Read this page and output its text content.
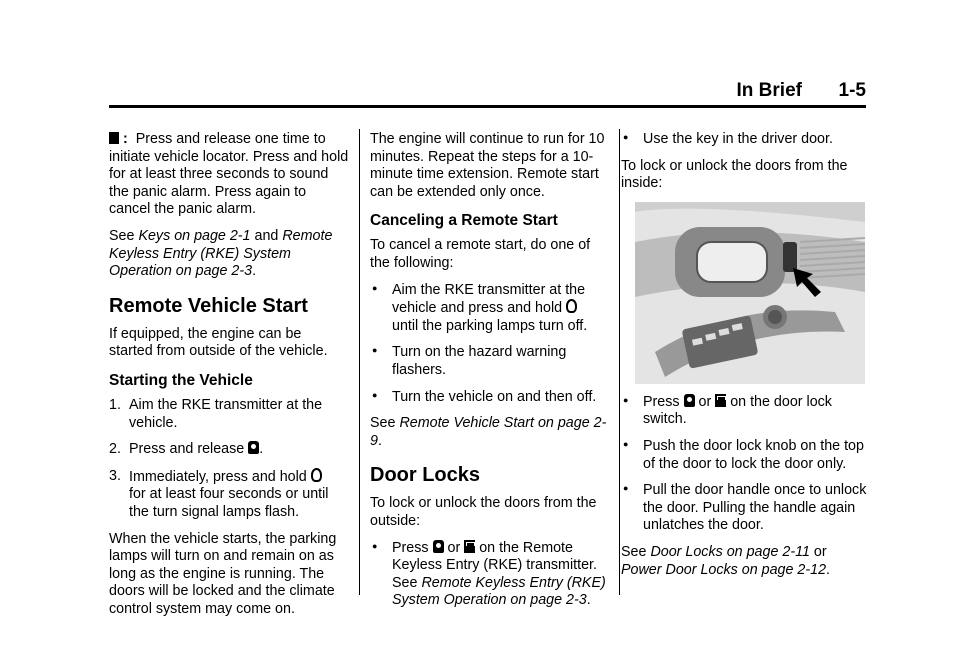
In Brief 1-5

: Press and release one time to initiate vehicle locator. Press and hold for at least three seconds to sound the panic alarm. Press again to cancel the panic alarm.

See Keys on page 2-1 and Remote Keyless Entry (RKE) System Operation on page 2-3.

Remote Vehicle Start

If equipped, the engine can be started from outside of the vehicle.

Starting the Vehicle
1. Aim the RKE transmitter at the vehicle.
2. Press and release .
3. Immediately, press and hold
for at least four seconds or until the turn signal lamps flash.

When the vehicle starts, the parking lamps will turn on and remain on as long as the engine is running. The doors will be locked and the climate control system may come on.

The engine will continue to run for 10 minutes. Repeat the steps for a 10-minute time extension. Remote start can be extended only once.

Canceling a Remote Start

To cancel a remote start, do one of the following:

●	Aim the RKE transmitter at the vehicle and press and hold
until the parking lamps turn off.
●	Turn on the hazard warning flashers.
●	Turn the vehicle on and then off.

See Remote Vehicle Start on page 2-9.

Door Locks

To lock or unlock the doors from the outside:

●	Press or on the Remote Keyless Entry (RKE) transmitter.
See Remote Keyless Entry (RKE) System Operation on page 2-3.
●	Use the key in the driver door.

To lock or unlock the doors from the inside:

●	Press or on the door lock switch.
●	Push the door lock knob on the top of the door to lock the door only.
●	Pull the door handle once to unlock the door. Pulling the handle again unlatches the door.

See Door Locks on page 2-11 or Power Door Locks on page 2-12.
